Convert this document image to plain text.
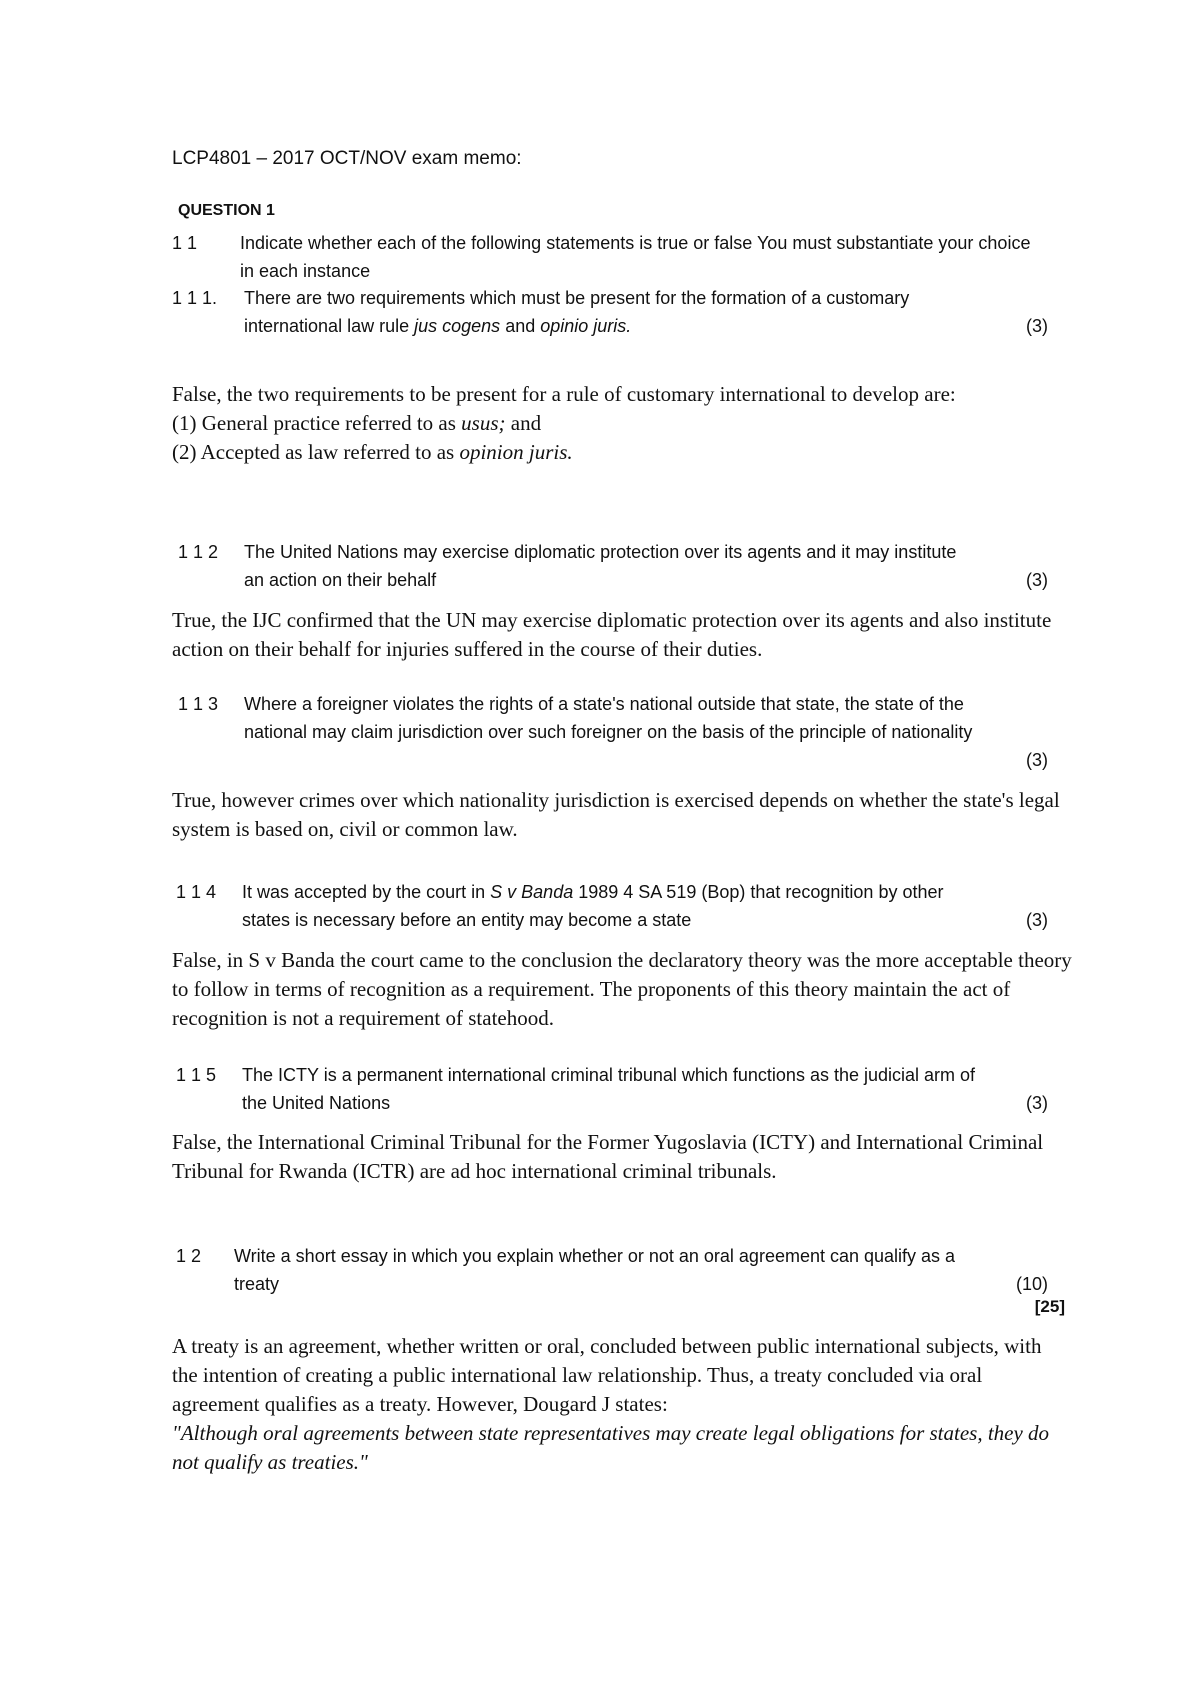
LCP4801 – 2017 OCT/NOV exam memo:
QUESTION 1
1 1 Indicate whether each of the following statements is true or false You must substantiate your choice in each instance
1 1 1. There are two requirements which must be present for the formation of a customary international law rule jus cogens and opinio juris.	(3)

False, the two requirements to be present for a rule of customary international to develop are:

(1) General practice referred to as usus; and

(2) Accepted as law referred to as opinion juris.

1 1 2 The United Nations may exercise diplomatic protection over its agents and it may institute an action on their behalf	(3)

True, the IJC confirmed that the UN may exercise diplomatic protection over its agents and also institute action on their behalf for injuries suffered in the course of their duties.

1 1 3 Where a foreigner violates the rights of a state's national outside that state, the state of the national may claim jurisdiction over such foreigner on the basis of the principle of nationality
(3)

True, however crimes over which nationality jurisdiction is exercised depends on whether the state's legal system is based on, civil or common law.

1 1 4 It was accepted by the court in S v Banda 1989 4 SA 519 (Bop) that recognition by other states is necessary before an entity may become a state	(3)

False, in S v Banda the court came to the conclusion the declaratory theory was the more acceptable theory to follow in terms of recognition as a requirement. The proponents of this theory maintain the act of recognition is not a requirement of statehood.

1 1 5 The ICTY is a permanent international criminal tribunal which functions as the judicial arm of the United Nations	(3)

False, the International Criminal Tribunal for the Former Yugoslavia (ICTY) and International Criminal Tribunal for Rwanda (ICTR) are ad hoc international criminal tribunals.

1 2 Write a short essay in which you explain whether or not an oral agreement can qualify as a treaty	(10)
[25]

A treaty is an agreement, whether written or oral, concluded between public international subjects, with the intention of creating a public international law relationship. Thus, a treaty concluded via oral agreement qualifies as a treaty. However, Dougard J states:

"Although oral agreements between state representatives may create legal obligations for states, they do not qualify as treaties."
